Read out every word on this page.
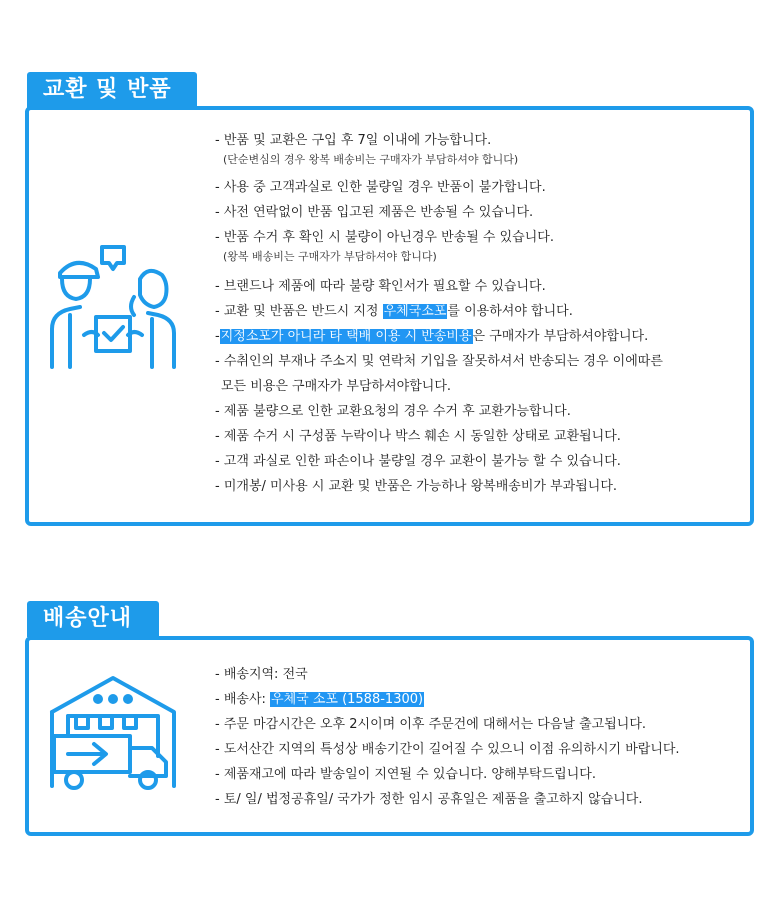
교환 및 반품
- 반품 및 교환은 구입 후 7일 이내에 가능합니다.
(단순변심의 경우 왕복 배송비는 구매자가 부담하셔야 합니다)
- 사용 중 고객과실로 인한 불량일 경우 반품이 불가합니다.
- 사전 연락없이 반품 입고된 제품은 반송될 수 있습니다.
- 반품 수거 후 확인 시 불량이 아닌경우 반송될 수 있습니다.
(왕복 배송비는 구매자가 부담하셔야 합니다)
- 브랜드나 제품에 따라 불량 확인서가 필요할 수 있습니다.
- 교환 및 반품은 반드시 지정 우체국소포를 이용하셔야 합니다.
-지정소포가 아니라 타 택배 이용 시 반송비용은 구매자가 부담하셔야합니다.
- 수취인의 부재나 주소지 및 연락처 기입을 잘못하셔서 반송되는 경우 이에따른
모든 비용은 구매자가 부담하셔야합니다.
- 제품 불량으로 인한 교환요청의 경우 수거 후 교환가능합니다.
- 제품 수거 시 구성품 누락이나 박스 훼손 시 동일한 상태로 교환됩니다.
- 고객 과실로 인한 파손이나 불량일 경우 교환이 불가능 할 수 있습니다.
- 미개봉/ 미사용 시 교환 및 반품은 가능하나 왕복배송비가 부과됩니다.
배송안내
- 배송지역: 전국
- 배송사: 우체국 소포 (1588-1300)
- 주문 마감시간은 오후 2시이며 이후 주문건에 대해서는 다음날 출고됩니다.
- 도서산간 지역의 특성상 배송기간이 길어질 수 있으니 이점 유의하시기 바랍니다.
- 제품재고에 따라 발송일이 지연될 수 있습니다. 양해부탁드립니다.
- 토/ 일/ 법정공휴일/ 국가가 정한 임시 공휴일은 제품을 출고하지 않습니다.
